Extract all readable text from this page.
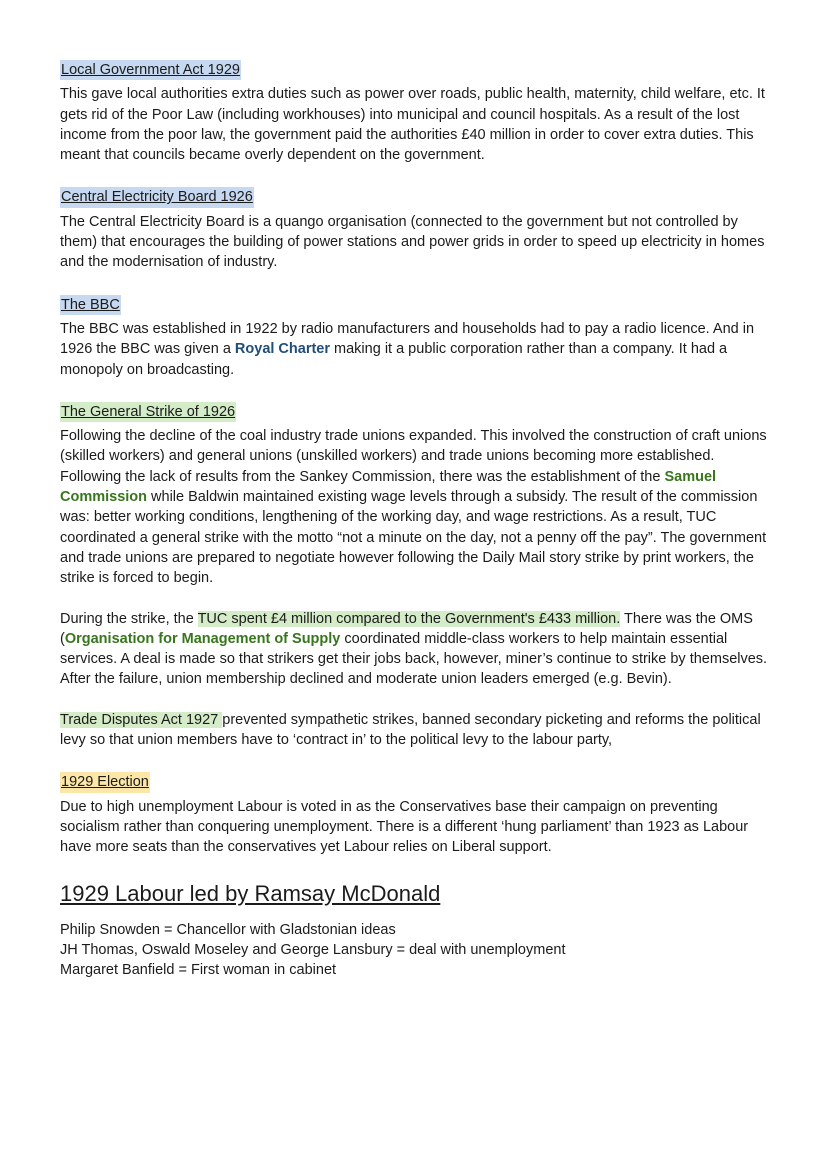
Local Government Act 1929

This gave local authorities extra duties such as power over roads, public health, maternity, child welfare, etc. It gets rid of the Poor Law (including workhouses) into municipal and council hospitals. As a result of the lost income from the poor law, the government paid the authorities £40 million in order to cover extra duties. This meant that councils became overly dependent on the government.

Central Electricity Board 1926

The Central Electricity Board is a quango organisation (connected to the government but not controlled by them) that encourages the building of power stations and power grids in order to speed up electricity in homes and the modernisation of industry.

The BBC

The BBC was established in 1922 by radio manufacturers and households had to pay a radio licence. And in 1926 the BBC was given a Royal Charter making it a public corporation rather than a company. It had a monopoly on broadcasting.

The General Strike of 1926

Following the decline of the coal industry trade unions expanded. This involved the construction of craft unions (skilled workers) and general unions (unskilled workers) and trade unions becoming more established. Following the lack of results from the Sankey Commission, there was the establishment of the Samuel Commission while Baldwin maintained existing wage levels through a subsidy. The result of the commission was: better working conditions, lengthening of the working day, and wage restrictions. As a result, TUC coordinated a general strike with the motto “not a minute on the day, not a penny off the pay”. The government and trade unions are prepared to negotiate however following the Daily Mail story strike by print workers, the strike is forced to begin.

During the strike, the TUC spent £4 million compared to the Government's £433 million. There was the OMS (Organisation for Management of Supply coordinated middle-class workers to help maintain essential services. A deal is made so that strikers get their jobs back, however, miner’s continue to strike by themselves. After the failure, union membership declined and moderate union leaders emerged (e.g. Bevin).

Trade Disputes Act 1927 prevented sympathetic strikes, banned secondary picketing and reforms the political levy so that union members have to ‘contract in’ to the political levy to the labour party,

1929 Election

Due to high unemployment Labour is voted in as the Conservatives base their campaign on preventing socialism rather than conquering unemployment. There is a different ‘hung parliament’ than 1923 as Labour have more seats than the conservatives yet Labour relies on Liberal support.

1929 Labour led by Ramsay McDonald

Philip Snowden = Chancellor with Gladstonian ideas

JH Thomas, Oswald Moseley and George Lansbury = deal with unemployment

Margaret Banfield = First woman in cabinet
